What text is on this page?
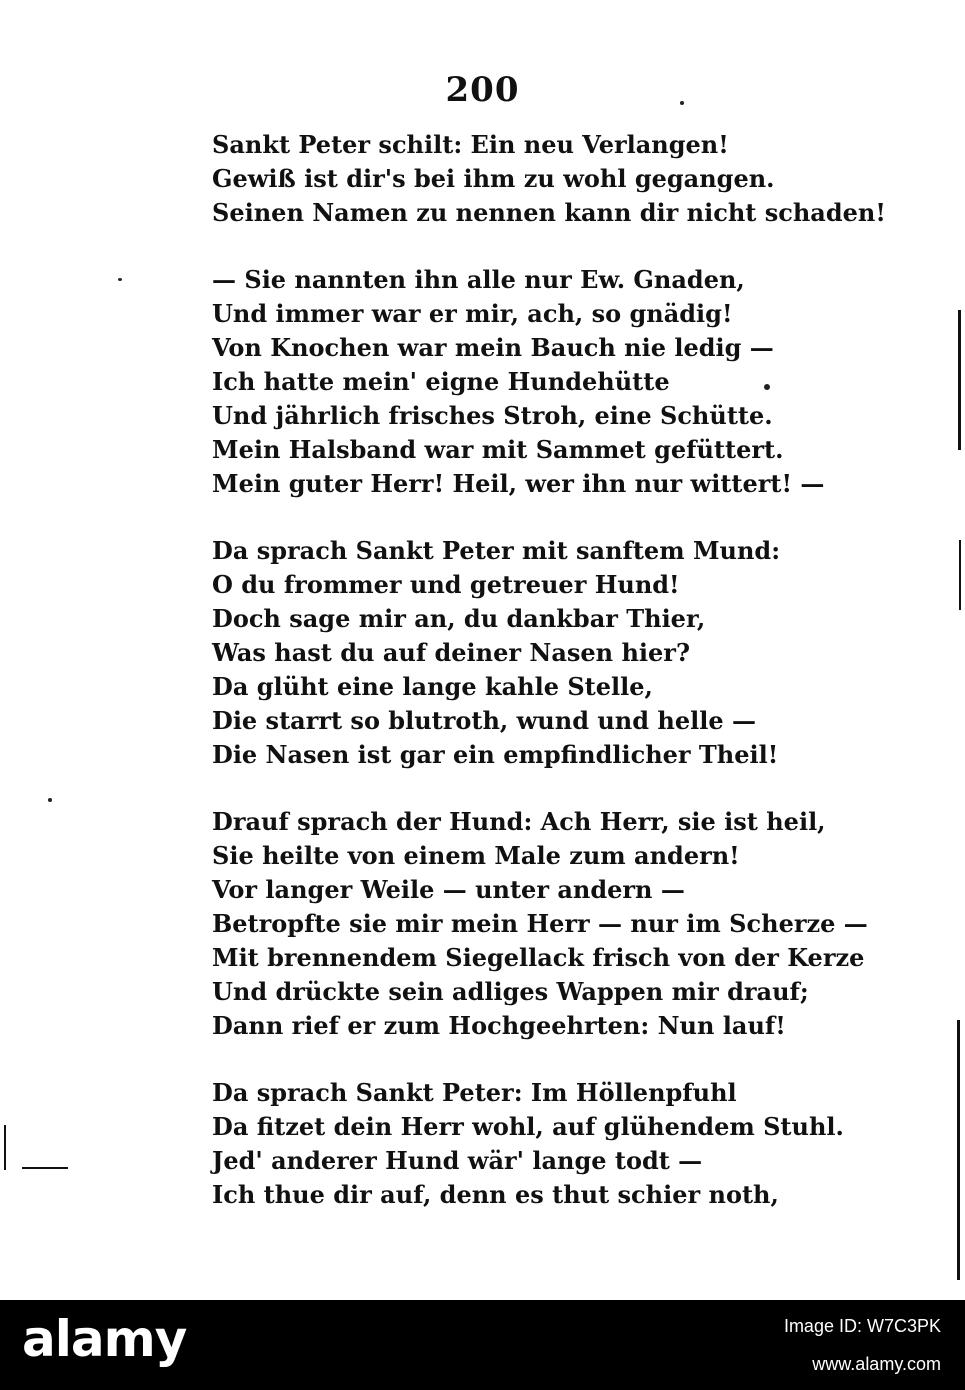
200
Sankt Peter schilt: Ein neu Verlangen!
Gewiß ist dir's bei ihm zu wohl gegangen.
Seinen Namen zu nennen kann dir nicht schaden!
— Sie nannten ihn alle nur Ew. Gnaden,
Und immer war er mir, ach, so gnädig!
Von Knochen war mein Bauch nie ledig —
Ich hatte mein' eigne Hundehütte
Und jährlich frisches Stroh, eine Schütte.
Mein Halsband war mit Sammet gefüttert.
Mein guter Herr! Heil, wer ihn nur wittert! —
Da sprach Sankt Peter mit sanftem Mund:
O du frommer und getreuer Hund!
Doch sage mir an, du dankbar Thier,
Was hast du auf deiner Nasen hier?
Da glüht eine lange kahle Stelle,
Die starrt so blutroth, wund und helle —
Die Nasen ist gar ein empfindlicher Theil!
Drauf sprach der Hund: Ach Herr, sie ist heil,
Sie heilte von einem Male zum andern!
Vor langer Weile — unter andern —
Betropfte sie mir mein Herr — nur im Scherze —
Mit brennendem Siegellack frisch von der Kerze
Und drückte sein adliges Wappen mir drauf;
Dann rief er zum Hochgeehrten: Nun lauf!
Da sprach Sankt Peter: Im Höllenpfuhl
Da fitzet dein Herr wohl, auf glühendem Stuhl.
Jed' anderer Hund wär' lange todt —
Ich thue dir auf, denn es thut schier noth,
alamy	Image ID: W7C3PK
www.alamy.com
